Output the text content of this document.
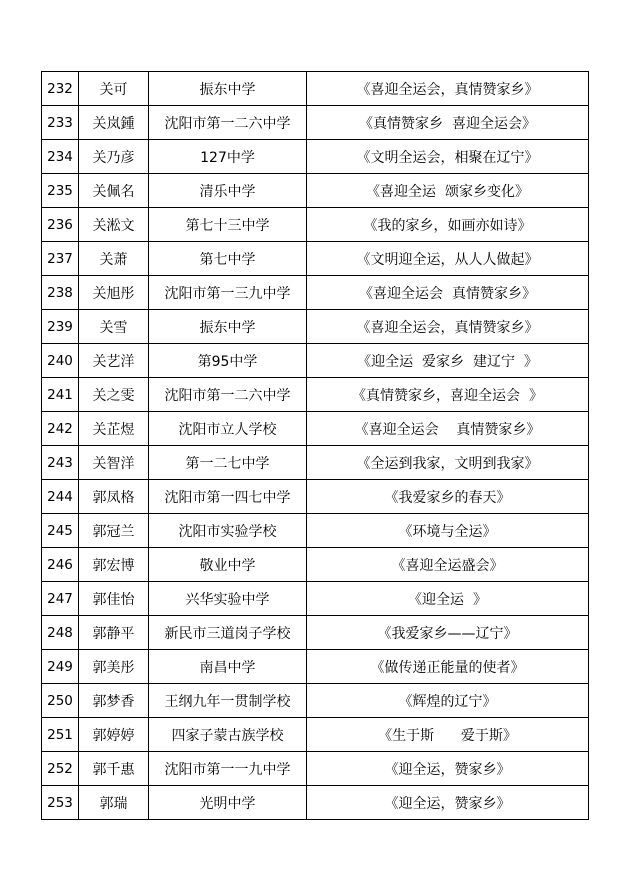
232	关可	振东中学	《喜迎全运会，真情赞家乡》
233	关岚鍾	沈阳市第一二六中学	《真情赞家乡  喜迎全运会》
234	关乃彦	127中学	《文明全运会，相聚在辽宁》
235	关佩名	清乐中学	《喜迎全运  颂家乡变化》
236	关淞文	第七十三中学	《我的家乡，如画亦如诗》
237	关萧	第七中学	《文明迎全运，从人人做起》
238	关旭彤	沈阳市第一三九中学	《喜迎全运会  真情赞家乡》
239	关雪	振东中学	《喜迎全运会，真情赞家乡》
240	关艺洋	第95中学	《迎全运  爱家乡  建辽宁  》
241	关之雯	沈阳市第一二六中学	《真情赞家乡，喜迎全运会  》
242	关芷煜	沈阳市立人学校	《喜迎全运会    真情赞家乡》
243	关智洋	第一二七中学	《全运到我家，文明到我家》
244	郭凤格	沈阳市第一四七中学	《我爱家乡的春天》
245	郭冠兰	沈阳市实验学校	《环境与全运》
246	郭宏博	敬业中学	《喜迎全运盛会》
247	郭佳怡	兴华实验中学	《迎全运  》
248	郭静平	新民市三道岗子学校	《我爱家乡——辽宁》
249	郭美彤	南昌中学	《做传递正能量的使者》
250	郭梦香	王纲九年一贯制学校	《辉煌的辽宁》
251	郭婷婷	四家子蒙古族学校	《生于斯      爱于斯》
252	郭千惠	沈阳市第一一九中学	《迎全运，赞家乡》
253	郭瑞	光明中学	《迎全运，赞家乡》
